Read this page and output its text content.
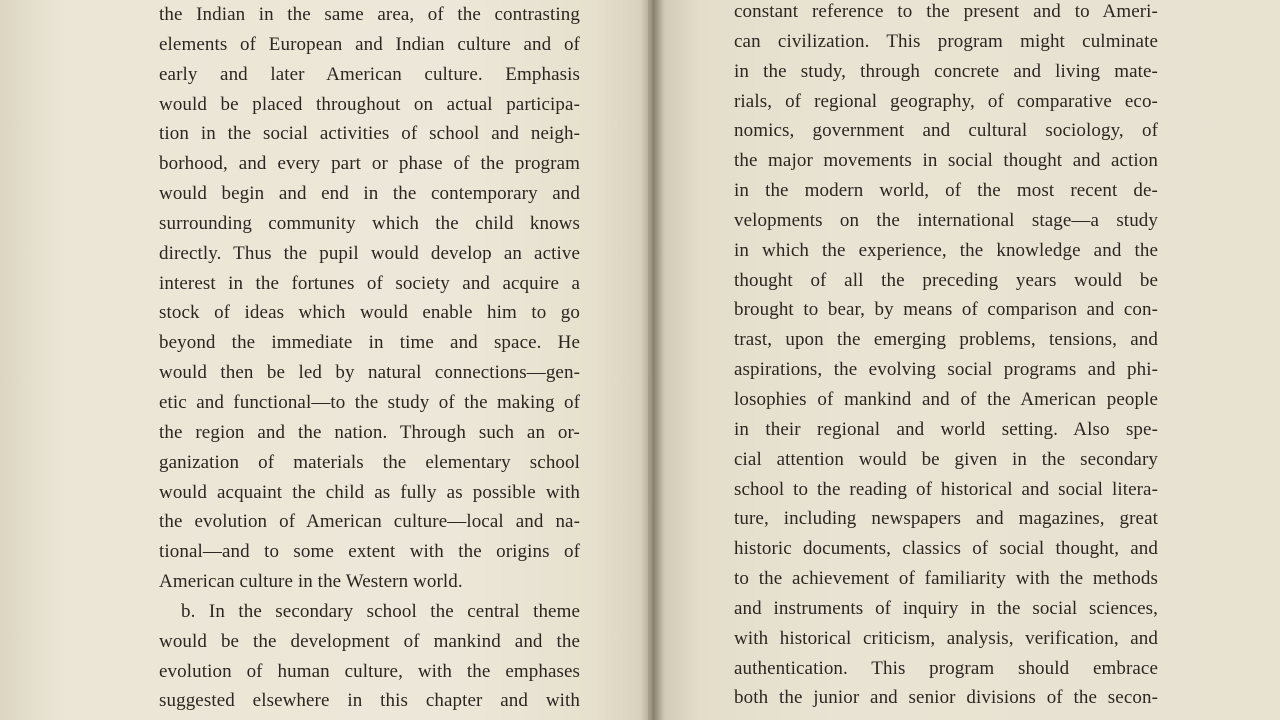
the Indian in the same area, of the contrasting
elements of European and Indian culture and of
early and later American culture. Emphasis
would be placed throughout on actual participa-
tion in the social activities of school and neigh-
borhood, and every part or phase of the program
would begin and end in the contemporary and
surrounding community which the child knows
directly. Thus the pupil would develop an active
interest in the fortunes of society and acquire a
stock of ideas which would enable him to go
beyond the immediate in time and space. He
would then be led by natural connections—gen-
etic and functional—to the study of the making of
the region and the nation. Through such an or-
ganization of materials the elementary school
would acquaint the child as fully as possible with
the evolution of American culture—local and na-
tional—and to some extent with the origins of
American culture in the Western world.
b. In the secondary school the central theme
would be the development of mankind and the
evolution of human culture, with the emphases
suggested elsewhere in this chapter and with
constant reference to the present and to Ameri-
can civilization. This program might culminate
in the study, through concrete and living mate-
rials, of regional geography, of comparative eco-
nomics, government and cultural sociology, of
the major movements in social thought and action
in the modern world, of the most recent de-
velopments on the international stage—a study
in which the experience, the knowledge and the
thought of all the preceding years would be
brought to bear, by means of comparison and con-
trast, upon the emerging problems, tensions, and
aspirations, the evolving social programs and phi-
losophies of mankind and of the American people
in their regional and world setting. Also spe-
cial attention would be given in the secondary
school to the reading of historical and social litera-
ture, including newspapers and magazines, great
historic documents, classics of social thought, and
to the achievement of familiarity with the methods
and instruments of inquiry in the social sciences,
with historical criticism, analysis, verification, and
authentication. This program should embrace
both the junior and senior divisions of the secon-
